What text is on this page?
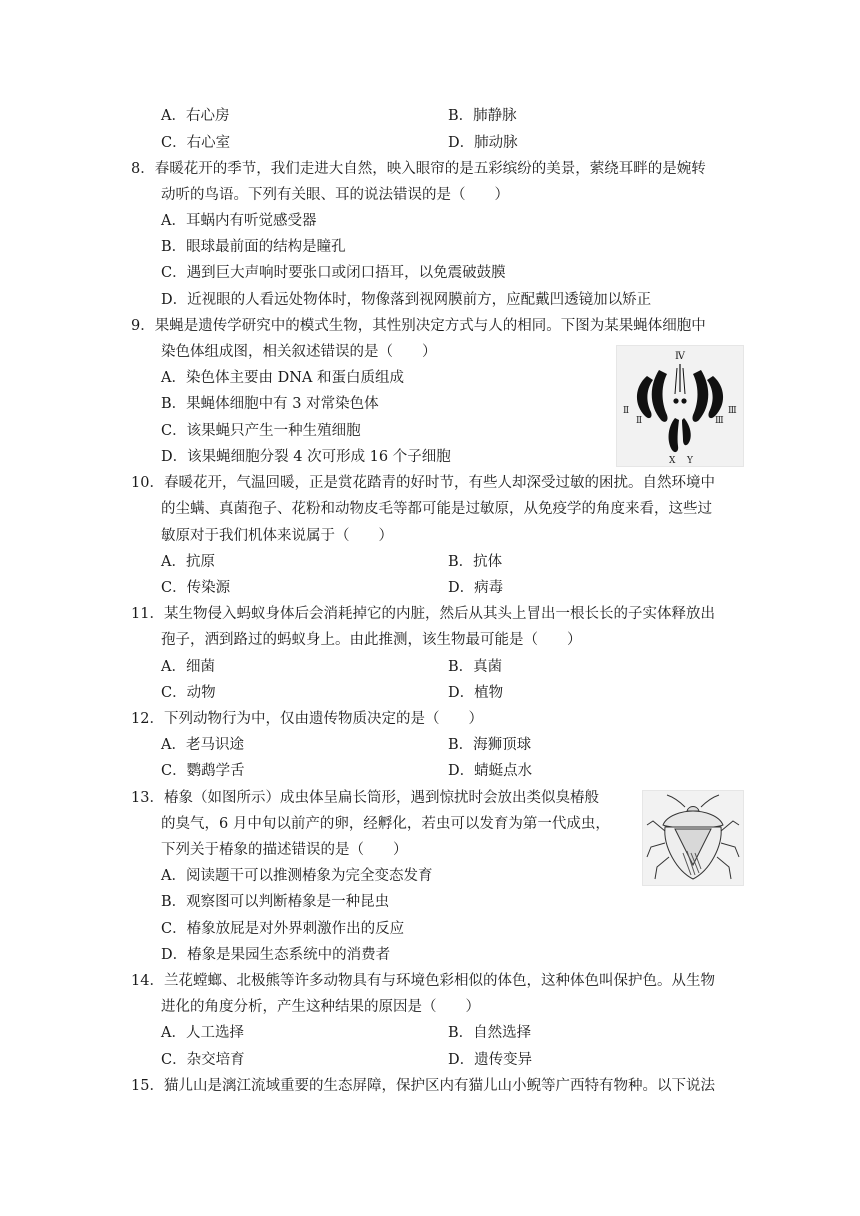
A．右心房	B．肺静脉
C．右心室	D．肺动脉
8．春暖花开的季节，我们走进大自然，映入眼帘的是五彩缤纷的美景，萦绕耳畔的是婉转
动听的鸟语。下列有关眼、耳的说法错误的是（　　）
A．耳蜗内有听觉感受器
B．眼球最前面的结构是瞳孔
C．遇到巨大声响时要张口或闭口捂耳，以免震破鼓膜
D．近视眼的人看远处物体时，物像落到视网膜前方，应配戴凹透镜加以矫正
9．果蝇是遗传学研究中的模式生物，其性别决定方式与人的相同。下图为某果蝇体细胞中
染色体组成图，相关叙述错误的是（　　）
A．染色体主要由 DNA 和蛋白质组成
B．果蝇体细胞中有 3 对常染色体
C．该果蝇只产生一种生殖细胞
D．该果蝇细胞分裂 4 次可形成 16 个子细胞
Ⅳ
Ⅱ
Ⅱ	Ⅲ
Ⅲ
X Y
10．春暖花开，气温回暖，正是赏花踏青的好时节，有些人却深受过敏的困扰。自然环境中
的尘螨、真菌孢子、花粉和动物皮毛等都可能是过敏原，从免疫学的角度来看，这些过
敏原对于我们机体来说属于（　　）
A．抗原	B．抗体
C．传染源	D．病毒
11．某生物侵入蚂蚁身体后会消耗掉它的内脏，然后从其头上冒出一根长长的子实体释放出
孢子，洒到路过的蚂蚁身上。由此推测，该生物最可能是（　　）
A．细菌	B．真菌
C．动物	D．植物
12．下列动物行为中，仅由遗传物质决定的是（　　）
A．老马识途	B．海狮顶球
C．鹦鹉学舌	D．蜻蜓点水
13．椿象（如图所示）成虫体呈扁长筒形，遇到惊扰时会放出类似臭椿般
的臭气，6 月中旬以前产的卵，经孵化，若虫可以发育为第一代成虫，
下列关于椿象的描述错误的是（　　）
A．阅读题干可以推测椿象为完全变态发育
B．观察图可以判断椿象是一种昆虫
C．椿象放屁是对外界刺激作出的反应
D．椿象是果园生态系统中的消费者
14．兰花螳螂、北极熊等许多动物具有与环境色彩相似的体色，这种体色叫保护色。从生物
进化的角度分析，产生这种结果的原因是（　　）
A．人工选择	B．自然选择
C．杂交培育	D．遗传变异
15．猫儿山是漓江流域重要的生态屏障，保护区内有猫儿山小鲵等广西特有物种。以下说法
